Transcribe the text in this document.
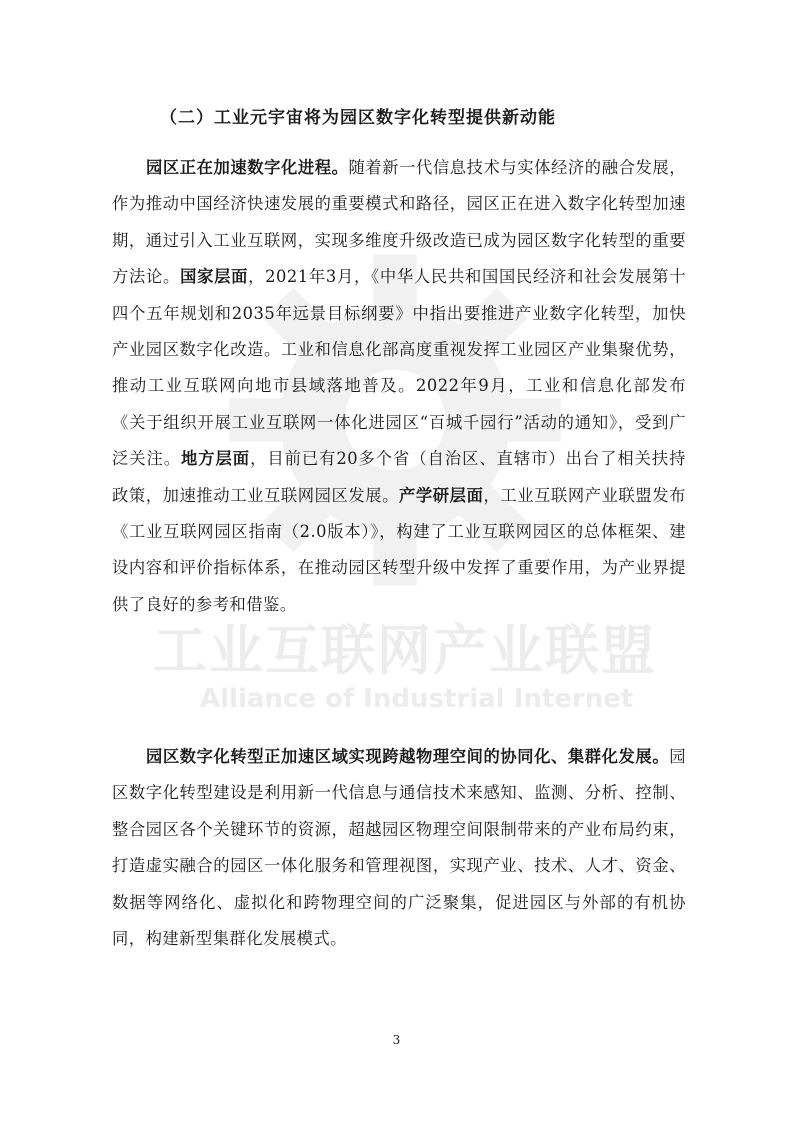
工业互联网产业联盟
Alliance of Industrial Internet
（二）工业元宇宙将为园区数字化转型提供新动能

园区正在加速数字化进程。随着新一代信息技术与实体经济的融合发展，作为推动中国经济快速发展的重要模式和路径，园区正在进入数字化转型加速期，通过引入工业互联网，实现多维度升级改造已成为园区数字化转型的重要方法论。国家层面，2021年3月，《中华人民共和国国民经济和社会发展第十四个五年规划和2035年远景目标纲要》中指出要推进产业数字化转型，加快产业园区数字化改造。工业和信息化部高度重视发挥工业园区产业集聚优势，推动工业互联网向地市县域落地普及。2022年9月，工业和信息化部发布《关于组织开展工业互联网一体化进园区“百城千园行”活动的通知》，受到广泛关注。地方层面，目前已有20多个省（自治区、直辖市）出台了相关扶持政策，加速推动工业互联网园区发展。产学研层面，工业互联网产业联盟发布《工业互联网园区指南（2.0版本）》，构建了工业互联网园区的总体框架、建设内容和评价指标体系，在推动园区转型升级中发挥了重要作用，为产业界提供了良好的参考和借鉴。

园区数字化转型正加速区域实现跨越物理空间的协同化、集群化发展。园区数字化转型建设是利用新一代信息与通信技术来感知、监测、分析、控制、整合园区各个关键环节的资源，超越园区物理空间限制带来的产业布局约束，打造虚实融合的园区一体化服务和管理视图，实现产业、技术、人才、资金、数据等网络化、虚拟化和跨物理空间的广泛聚集，促进园区与外部的有机协同，构建新型集群化发展模式。

3
